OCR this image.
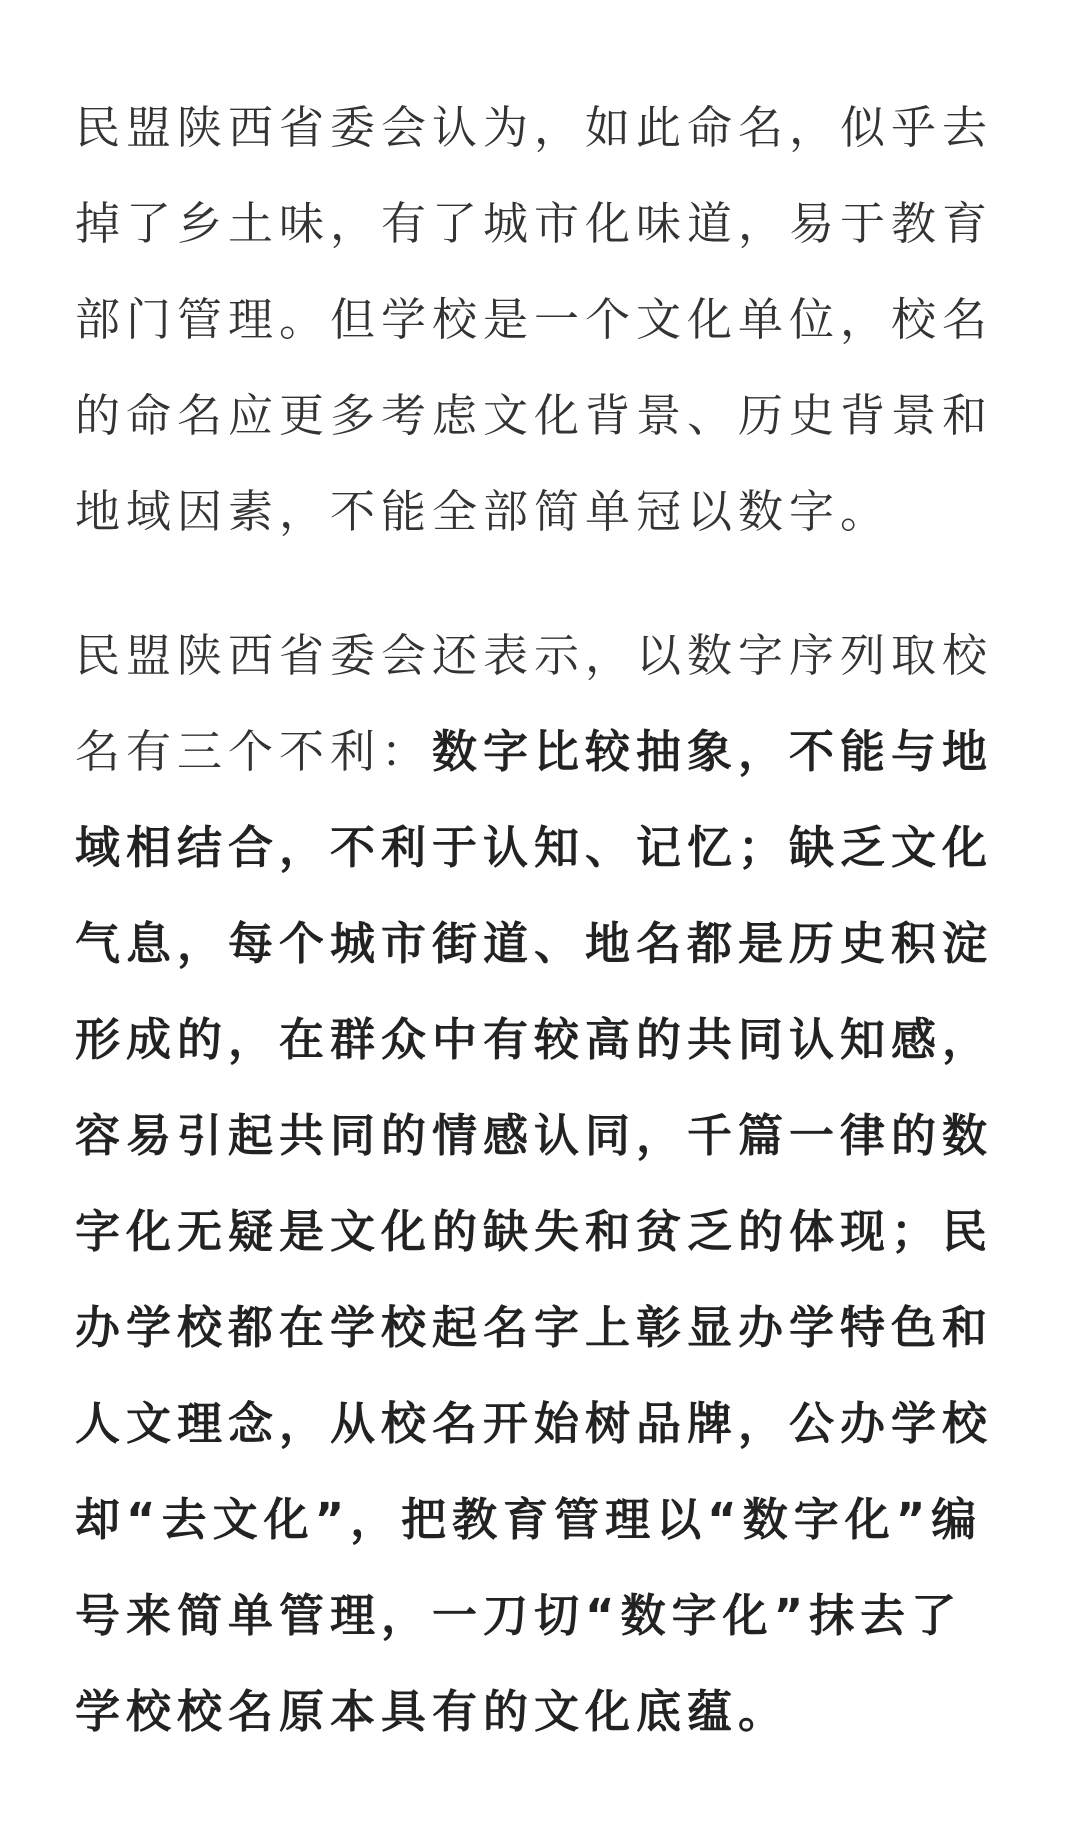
民盟陕西省委会认为，如此命名，似乎去掉了乡土味，有了城市化味道，易于教育部门管理。但学校是一个文化单位，校名的命名应更多考虑文化背景、历史背景和地域因素，不能全部简单冠以数字。

民盟陕西省委会还表示，以数字序列取校名有三个不利：数字比较抽象，不能与地域相结合，不利于认知、记忆；缺乏文化气息，每个城市街道、地名都是历史积淀形成的，在群众中有较高的共同认知感，容易引起共同的情感认同，千篇一律的数字化无疑是文化的缺失和贫乏的体现；民办学校都在学校起名字上彰显办学特色和人文理念，从校名开始树品牌，公办学校却“去文化”，把教育管理以“数字化”编号来简单管理，一刀切“数字化”抹去了学校校名原本具有的文化底蕴。
